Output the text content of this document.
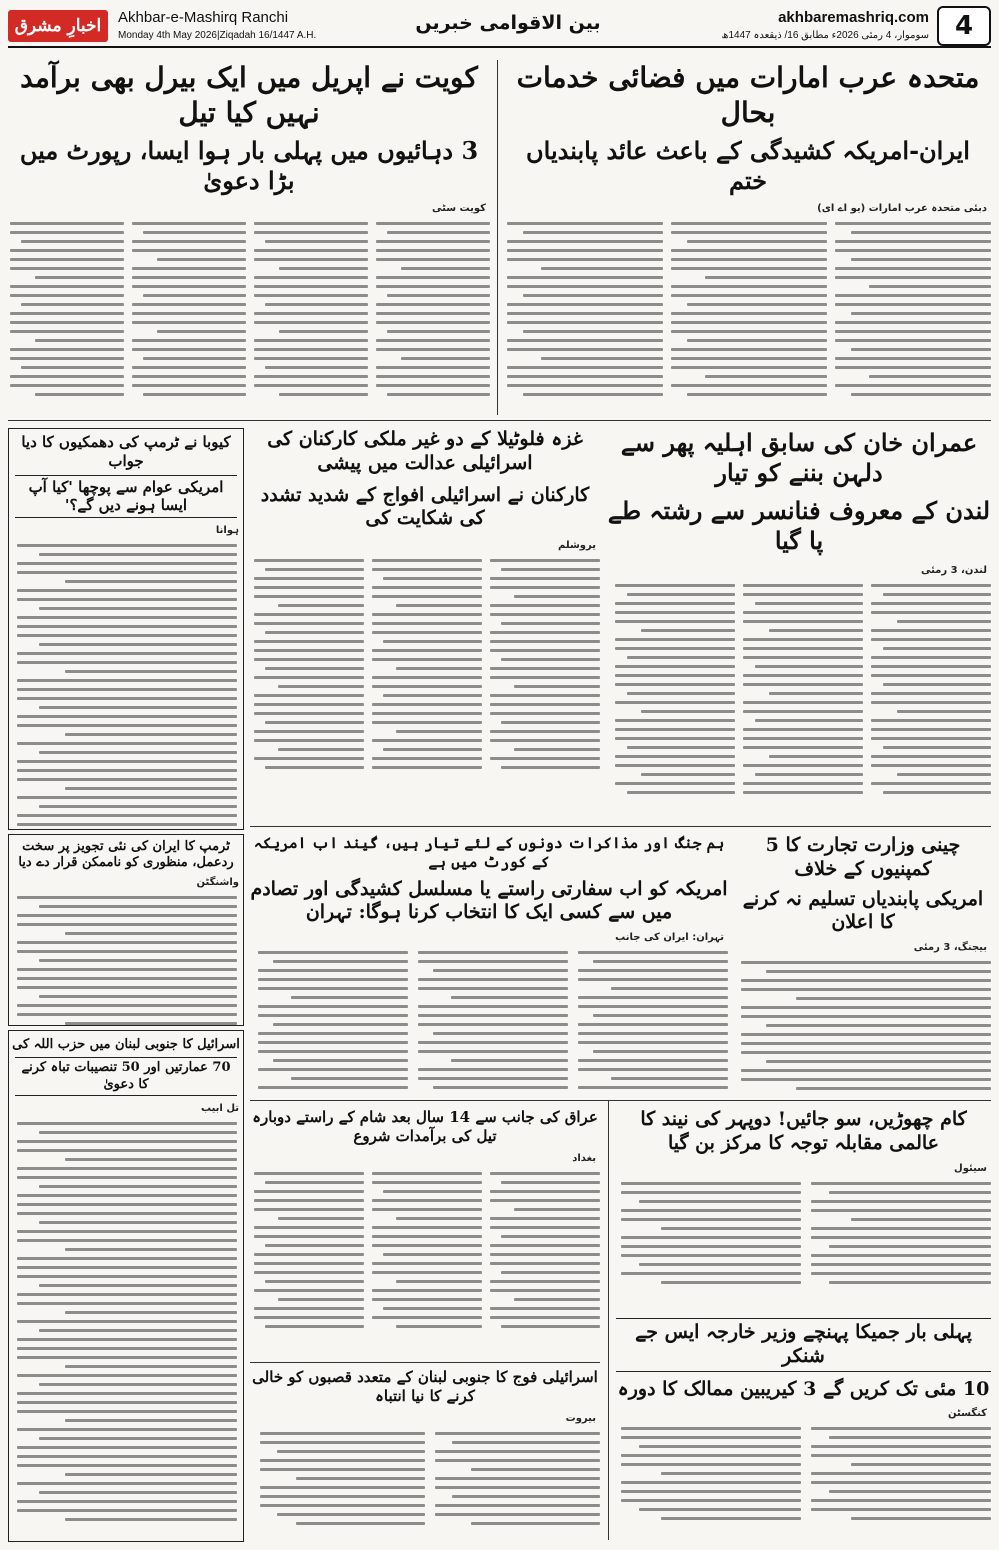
اخبارِ مشرق	Akhbar-e-Mashirq Ranchi
Monday 4th May 2026|Ziqadah 16/1447 A.H.
بین الاقوامی خبریں	akhbaremashriq.com
سوموار، 4 رمئی 2026ء مطابق 16/ ذیقعدہ 1447ھ 4
متحدہ عرب امارات میں فضائی خدمات بحال
ایران-امریکہ کشیدگی کے باعث عائد پابندیاں ختم
دبئی متحدہ عرب امارات (یو اے ای)
کویت نے اپریل میں ایک بیرل بھی برآمد نہیں کیا تیل
3 دہائیوں میں پہلی بار ہوا ایسا، رپورٹ میں بڑا دعویٰ
کویت سٹی
عمران خان کی سابق اہلیہ پھر سے دلہن بننے کو تیار
لندن کے معروف فنانسر سے رشتہ طے پا گیا
لندن، 3 رمئی
غزہ فلوٹیلا کے دو غیر ملکی کارکنان کی اسرائیلی عدالت میں پیشی
کارکنان نے اسرائیلی افواج کے شدید تشدد کی شکایت کی
یروشلم
کیوبا نے ٹرمپ کی دھمکیوں کا دیا جواب
امریکی عوام سے پوچھا 'کیا آپ ایسا ہونے دیں گے؟'
ہوانا
ٹرمپ کا ایران کی نئی تجویز پر سخت ردعمل، منظوری کو ناممکن قرار دے دیا
واشنگٹن
اسرائیل کا جنوبی لبنان میں حزب اللہ کی
70 عمارتیں اور 50 تنصیبات تباہ کرنے کا دعویٰ
تل ابیب
چینی وزارت تجارت کا 5 کمپنیوں کے خلاف
امریکی پابندیاں تسلیم نہ کرنے کا اعلان
بیجنگ، 3 رمئی
ہم جنگ اور مذاکرات دونوں کے لئے تیار ہیں، گیند اب امریکہ کے کورٹ میں ہے
امریکہ کو اب سفارتی راستے یا مسلسل کشیدگی اور تصادم میں سے کسی ایک کا انتخاب کرنا ہوگا: تہران
تہران: ایران کی جانب
کام چھوڑیں، سو جائیں! دوپہر کی نیند کا عالمی مقابلہ توجہ کا مرکز بن گیا
سیئول
پہلی بار جمیکا پہنچے وزیر خارجہ ایس جے شنکر
10 مئی تک کریں گے 3 کیریبین ممالک کا دورہ
کنگسٹن
عراق کی جانب سے 14 سال بعد شام کے راستے دوبارہ تیل کی برآمدات شروع
بغداد
اسرائیلی فوج کا جنوبی لبنان کے متعدد قصبوں کو خالی کرنے کا نیا انتباہ
بیروت
